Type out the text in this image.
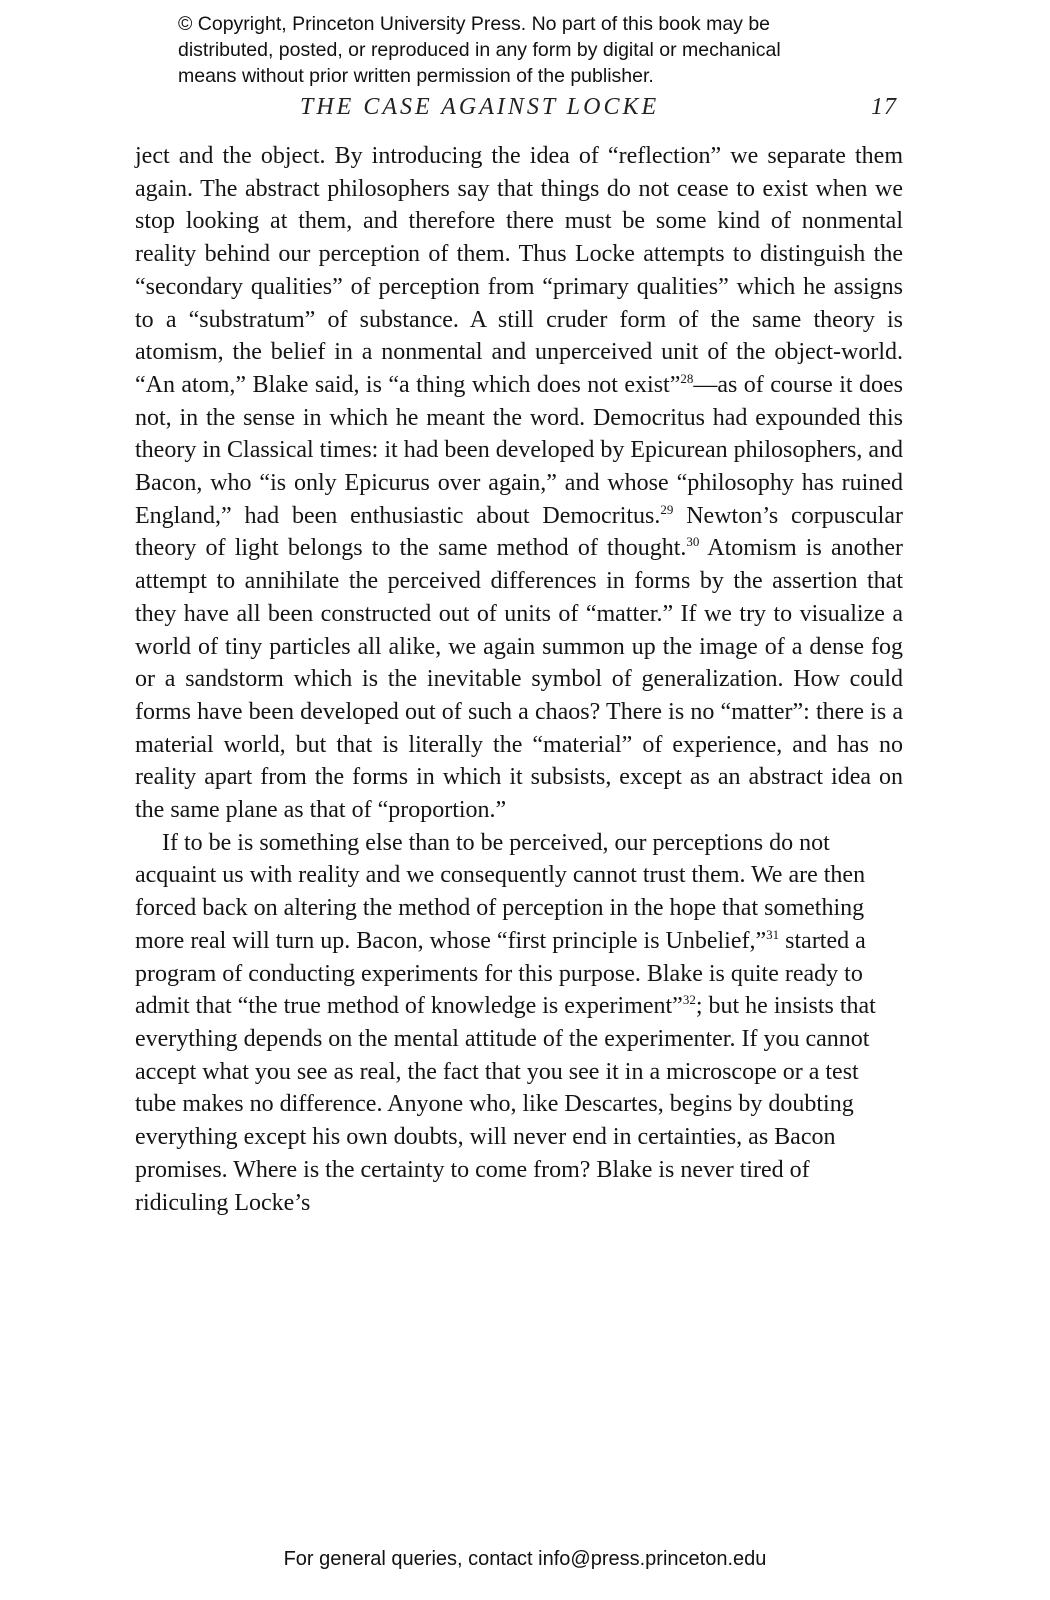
© Copyright, Princeton University Press. No part of this book may be
distributed, posted, or reproduced in any form by digital or mechanical
means without prior written permission of the publisher.
THE CASE AGAINST LOCKE	17

ject and the object. By introducing the idea of “reflection” we separate them again. The abstract philosophers say that things do not cease to exist when we stop looking at them, and therefore there must be some kind of nonmental reality behind our perception of them. Thus Locke attempts to distinguish the “secondary qualities” of perception from “primary qualities” which he assigns to a “substratum” of substance. A still cruder form of the same theory is atomism, the belief in a nonmental and unperceived unit of the object-world. “An atom,” Blake said, is “a thing which does not exist”$^{28}$—as of course it does not, in the sense in which he meant the word. Democritus had expounded this theory in Classical times: it had been developed by Epicurean philosophers, and Bacon, who “is only Epicurus over again,” and whose “philosophy has ruined England,” had been enthusiastic about Democritus.$^{29}$ Newton’s corpuscular theory of light belongs to the same method of thought.$^{30}$ Atomism is another attempt to annihilate the perceived differences in forms by the assertion that they have all been constructed out of units of “matter.” If we try to visualize a world of tiny particles all alike, we again summon up the image of a dense fog or a sandstorm which is the inevitable symbol of generalization. How could forms have been developed out of such a chaos? There is no “matter”: there is a material world, but that is literally the “material” of experience, and has no reality apart from the forms in which it subsists, except as an abstract idea on the same plane as that of “proportion.”

If to be is something else than to be perceived, our perceptions do not acquaint us with reality and we consequently cannot trust them. We are then forced back on altering the method of perception in the hope that something more real will turn up. Bacon, whose “first principle is Unbelief,”$^{31}$ started a program of conducting experiments for this purpose. Blake is quite ready to admit that “the true method of knowledge is experiment”$^{32}$; but he insists that everything depends on the mental attitude of the experimenter. If you cannot accept what you see as real, the fact that you see it in a microscope or a test tube makes no difference. Anyone who, like Descartes, begins by doubting everything except his own doubts, will never end in certainties, as Bacon promises. Where is the certainty to come from? Blake is never tired of ridiculing Locke’s

For general queries, contact info@press.princeton.edu
